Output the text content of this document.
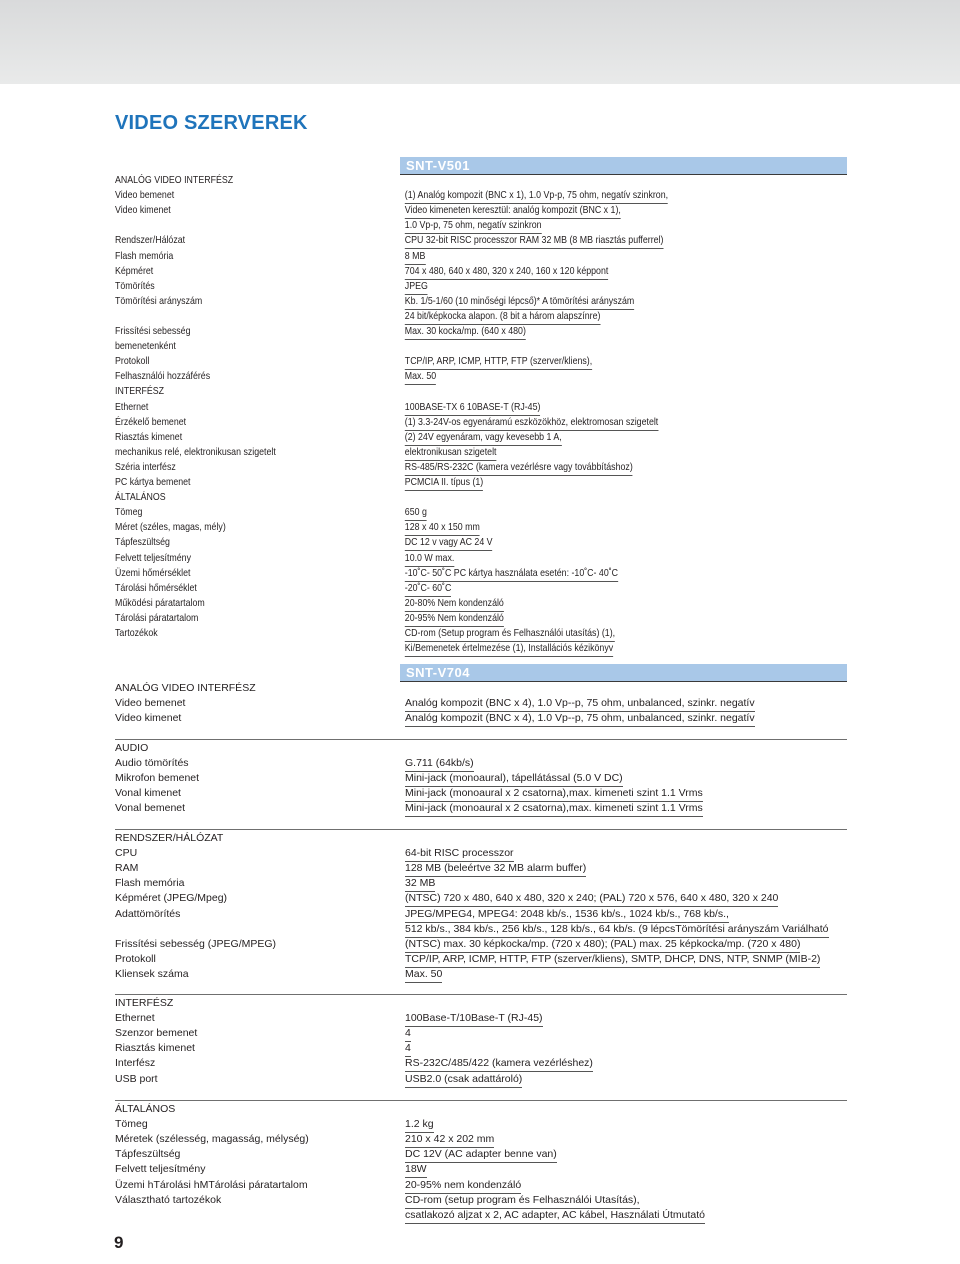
VIDEO SZERVEREK
SNT-V501
ANALÓG VIDEO INTERFÉSZ
Video bemenet	(1) Analóg kompozit (BNC x 1), 1.0 Vp-p, 75 ohm, negatív szinkron,
Video kimenet	Video kimeneten keresztül: analóg kompozit (BNC x 1),
1.0 Vp-p, 75 ohm, negatív szinkron
Rendszer/Hálózat	CPU 32-bit RISC processzor RAM 32 MB (8 MB riasztás pufferrel)
Flash memória	8 MB
Képméret	704 x 480, 640 x 480, 320 x 240, 160 x 120 képpont
Tömörítés	JPEG
Tömörítési arányszám	Kb. 1/5-1/60 (10 minőségi lépcső)* A tömörítési arányszám
24 bit/képkocka alapon. (8 bit a három alapszínre)
Frissítési sebesség	Max. 30 kocka/mp. (640 x 480)
bemenetenként
Protokoll	TCP/IP, ARP, ICMP, HTTP, FTP (szerver/kliens),
Felhasználói hozzáférés	Max. 50
INTERFÉSZ
Ethernet	100BASE-TX 6 10BASE-T (RJ-45)
Érzékelő bemenet	(1) 3.3-24V-os egyenáramú eszközökhöz, elektromosan szigetelt
Riasztás kimenet	(2) 24V egyenáram, vagy kevesebb 1 A,
mechanikus relé, elektronikusan szigetelt	elektronikusan szigetelt
Széria interfész	RS-485/RS-232C (kamera vezérlésre vagy továbbításhoz)
PC kártya bemenet	PCMCIA II. típus (1)
ÁLTALÁNOS
Tömeg	650 g
Méret (széles, magas, mély)	128 x 40 x 150 mm
Tápfeszültség	DC 12 v vagy AC 24 V
Felvett teljesítmény	10.0 W max.
Üzemi hőmérséklet	-10˚C- 50˚C PC kártya használata esetén: -10˚C- 40˚C
Tárolási hőmérséklet	-20˚C- 60˚C
Működési páratartalom	20-80% Nem kondenzáló
Tárolási páratartalom	20-95% Nem kondenzáló
Tartozékok	CD-rom (Setup program és Felhasználói utasítás) (1),
Ki/Bemenetek értelmezése (1), Installációs kézikönyv
SNT-V704
ANALÓG VIDEO INTERFÉSZ
Video bemenet	Analóg kompozit (BNC x 4), 1.0 Vp--p, 75 ohm, unbalanced, szinkr. negatív
Video kimenet	Analóg kompozit (BNC x 4), 1.0 Vp--p, 75 ohm, unbalanced, szinkr. negatív
AUDIO
Audio tömörítés	G.711 (64kb/s)
Mikrofon bemenet	Mini-jack (monoaural), tápellátással (5.0 V DC)
Vonal kimenet	Mini-jack (monoaural x 2 csatorna),max. kimeneti szint 1.1 Vrms
Vonal bemenet	Mini-jack (monoaural x 2 csatorna),max. kimeneti szint 1.1 Vrms
RENDSZER/HÁLÓZAT
CPU	64-bit RISC processzor
RAM	128 MB (beleértve 32 MB alarm buffer)
Flash memória	32 MB
Képméret (JPEG/Mpeg)	(NTSC) 720 x 480, 640 x 480, 320 x 240; (PAL) 720 x 576, 640 x 480, 320 x 240
Adattömörítés	JPEG/MPEG4, MPEG4: 2048 kb/s., 1536 kb/s., 1024 kb/s., 768 kb/s.,
512 kb/s., 384 kb/s., 256 kb/s., 128 kb/s., 64 kb/s. (9 lépcsTömörítési arányszám Variálható
Frissítési sebesség (JPEG/MPEG)	(NTSC) max. 30 képkocka/mp. (720 x 480); (PAL) max. 25 képkocka/mp. (720 x 480)
Protokoll	TCP/IP, ARP, ICMP, HTTP, FTP (szerver/kliens), SMTP, DHCP, DNS, NTP, SNMP (MIB-2)
Kliensek száma	Max. 50
INTERFÉSZ
Ethernet	100Base-T/10Base-T (RJ-45)
Szenzor bemenet	4
Riasztás kimenet	4
Interfész	RS-232C/485/422 (kamera vezérléshez)
USB port	USB2.0 (csak adattároló)
ÁLTALÁNOS
Tömeg	1.2 kg
Méretek (szélesség, magasság, mélység)	210 x 42 x 202 mm
Tápfeszültség	DC 12V (AC adapter benne van)
Felvett teljesítmény	18W
Üzemi hTárolási hMTárolási páratartalom	20-95% nem kondenzáló
Választható tartozékok	CD-rom (setup program és Felhasználói Utasítás),
csatlakozó aljzat x 2, AC adapter, AC kábel, Használati Útmutató
9
